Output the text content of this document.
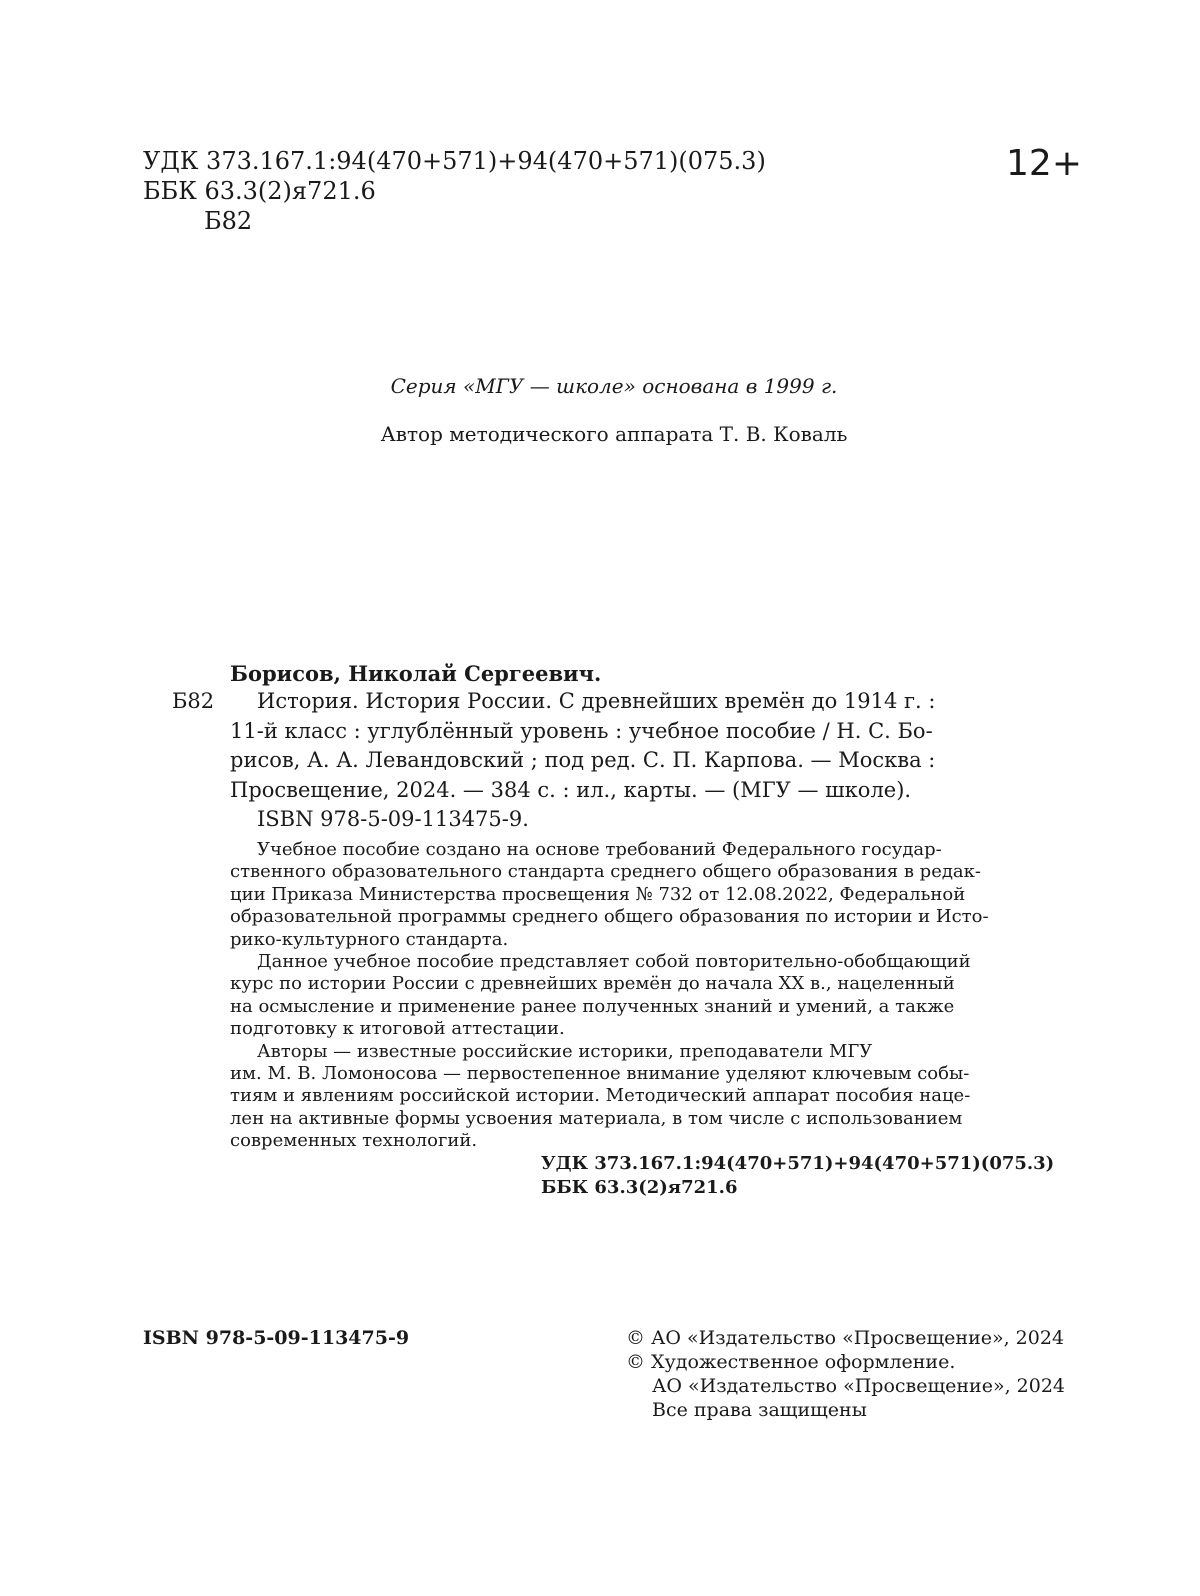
УДК 373.167.1:94(470+571)+94(470+571)(075.3)
ББК 63.3(2)я721.6
Б82
12+
Серия «МГУ — школе» основана в 1999 г.
Автор методического аппарата Т. В. Коваль
Борисов, Николай Сергеевич.
Б82	История. История России. С древнейших времён до 1914 г. :
11-й класс : углублённый уровень : учебное пособие / Н. С. Бо-
рисов, А. А. Левандовский ; под ред. С. П. Карпова. — Москва :
Просвещение, 2024. — 384 с. : ил., карты. — (МГУ — школе).
ISBN 978-5-09-113475-9.
Учебное пособие создано на основе требований Федерального государ-
ственного образовательного стандарта среднего общего образования в редак-
ции Приказа Министерства просвещения № 732 от 12.08.2022, Федеральной
образовательной программы среднего общего образования по истории и Исто-
рико-культурного стандарта.
Данное учебное пособие представляет собой повторительно-обобщающий
курс по истории России с древнейших времён до начала XX в., нацеленный
на осмысление и применение ранее полученных знаний и умений, а также
подготовку к итоговой аттестации.
Авторы — известные российские историки, преподаватели МГУ
им. М. В. Ломоносова — первостепенное внимание уделяют ключевым собы-
тиям и явлениям российской истории. Методический аппарат пособия наце-
лен на активные формы усвоения материала, в том числе с использованием
современных технологий.
УДК 373.167.1:94(470+571)+94(470+571)(075.3)
ББК 63.3(2)я721.6
ISBN 978-5-09-113475-9	© АО «Издательство «Просвещение», 2024
© Художественное оформление.
АО «Издательство «Просвещение», 2024
Все права защищены
